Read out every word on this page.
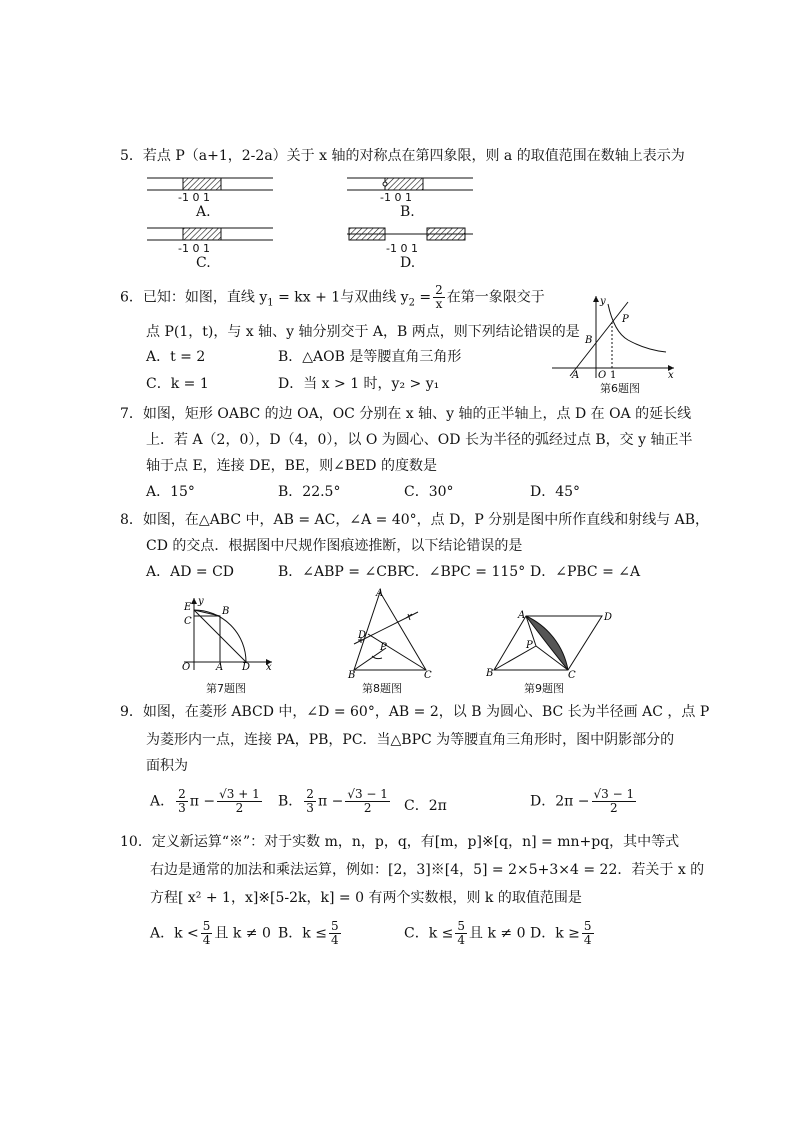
5．若点 P（a+1，2-2a）关于 x 轴的对称点在第四象限，则 a 的取值范围在数轴上表示为
-1 0 1
A.
-1 0 1
B.
-1 0 1
C.
-1 0 1
D.
6．已知：如图，直线 $y_1$ = kx + 1与双曲线 $y_2 = \frac{2}{x}$ 在第一象限交于
点 P(1，t)，与 x 轴、y 轴分别交于 A，B 两点，则下列结论错误的是
A．t = 2	B．△AOB 是等腰直角三角形
C．k = 1	D．当 x > 1 时，y₂ > y₁
y
x
P
B
A O 1
第6题图
7．如图，矩形 OABC 的边 OA，OC 分别在 x 轴、y 轴的正半轴上，点 D 在 OA 的延长线
上．若 A（2，0），D（4，0），以 O 为圆心、OD 长为半径的弧经过点 B，交 y 轴正半
轴于点 E，连接 DE，BE，则∠BED 的度数是
A．15°	B．22.5°	C．30°	D．45°
8．如图，在△ABC 中，AB = AC，∠A = 40°，点 D，P 分别是图中所作直线和射线与 AB，
CD 的交点．根据图中尺规作图痕迹推断，以下结论错误的是
A．AD = CD	B．∠ABP = ∠CBP
C．∠BPC = 115° D．∠PBC = ∠A
E
y
B
C
O	A D x
第7题图
A
D
P
B	C
第8题图
A	D
P
B	C
第9题图
9．如图，在菱形 ABCD 中，∠D = 60°，AB = 2，以 B 为圆心、BC 长为半径画 AC ，点 P
为菱形内一点，连接 PA，PB，PC．当△BPC 为等腰直角三角形时，图中阴影部分的
面积为
A． $\frac{2}{3}$ $\pi - \frac{√3 + 1}{2}$ B． $\frac{2}{3}$ $\pi - \frac{√3 - 1}{2}$ C．2π	D．$2\pi - \frac{√3 - 1}{2}$
10．定义新运算“※”：对于实数 m，n，p，q，有[m，p]※[q，n] = mn+pq，其中等式
右边是通常的加法和乘法运算，例如：[2，3]※[4，5] = 2×5+3×4 = 22．若关于 x 的
方程[ x² + 1，x]※[5-2k，k] = 0 有两个实数根，则 k 的取值范围是
A．$k < \frac{5}{4}$ 且 k ≠ 0 B．$k \le \frac{5}{4}$	C．$k \le \frac{5}{4}$ 且 k ≠ 0 D．$k \ge \frac{5}{4}$
